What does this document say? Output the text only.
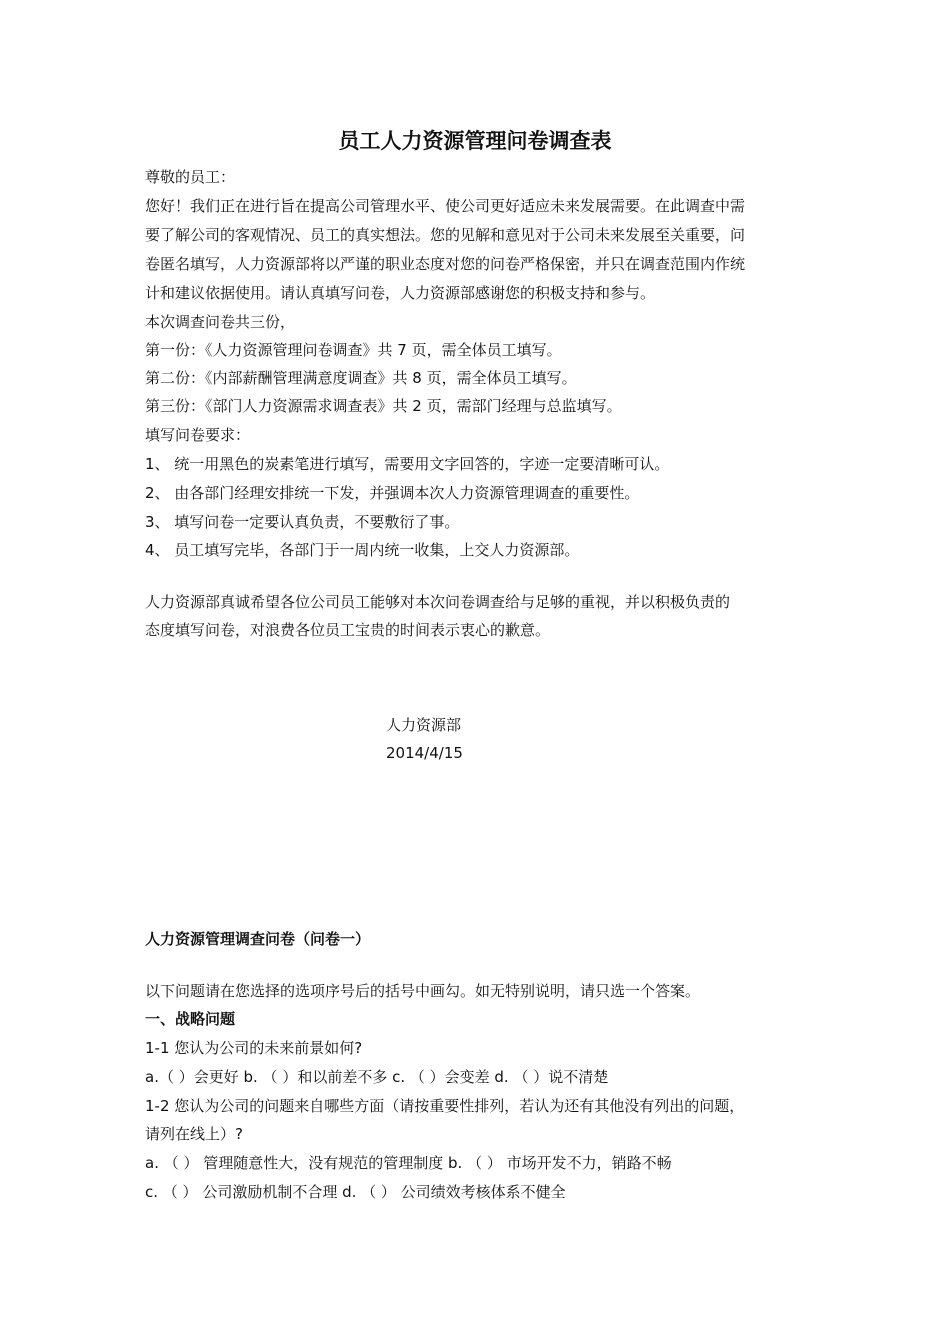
员工人力资源管理问卷调查表
尊敬的员工：
您好！我们正在进行旨在提高公司管理水平、使公司更好适应未来发展需要。在此调查中需
要了解公司的客观情况、员工的真实想法。您的见解和意见对于公司未来发展至关重要，问
卷匿名填写，人力资源部将以严谨的职业态度对您的问卷严格保密，并只在调查范围内作统
计和建议依据使用。请认真填写问卷，人力资源部感谢您的积极支持和参与。
本次调查问卷共三份，
第一份：《人力资源管理问卷调查》共 7 页，需全体员工填写。
第二份：《内部薪酬管理满意度调查》共 8 页，需全体员工填写。
第三份：《部门人力资源需求调查表》共 2 页，需部门经理与总监填写。
填写问卷要求：
1、 统一用黑色的炭素笔进行填写，需要用文字回答的，字迹一定要清晰可认。
2、 由各部门经理安排统一下发，并强调本次人力资源管理调查的重要性。
3、 填写问卷一定要认真负责，不要敷衍了事。
4、 员工填写完毕，各部门于一周内统一收集，上交人力资源部。
人力资源部真诚希望各位公司员工能够对本次问卷调查给与足够的重视，并以积极负责的
态度填写问卷，对浪费各位员工宝贵的时间表示衷心的歉意。
人力资源部
2014/4/15
人力资源管理调查问卷（问卷一）
以下问题请在您选择的选项序号后的括号中画勾。如无特别说明，请只选一个答案。
一、战略问题
1-1 您认为公司的未来前景如何?
a.（ ）会更好 b. （ ）和以前差不多 c. （ ）会变差 d. （ ）说不清楚
1-2 您认为公司的问题来自哪些方面（请按重要性排列，若认为还有其他没有列出的问题，
请列在线上）?
a. （ ） 管理随意性大，没有规范的管理制度 b. （ ） 市场开发不力，销路不畅
c. （ ） 公司激励机制不合理 d. （ ） 公司绩效考核体系不健全
